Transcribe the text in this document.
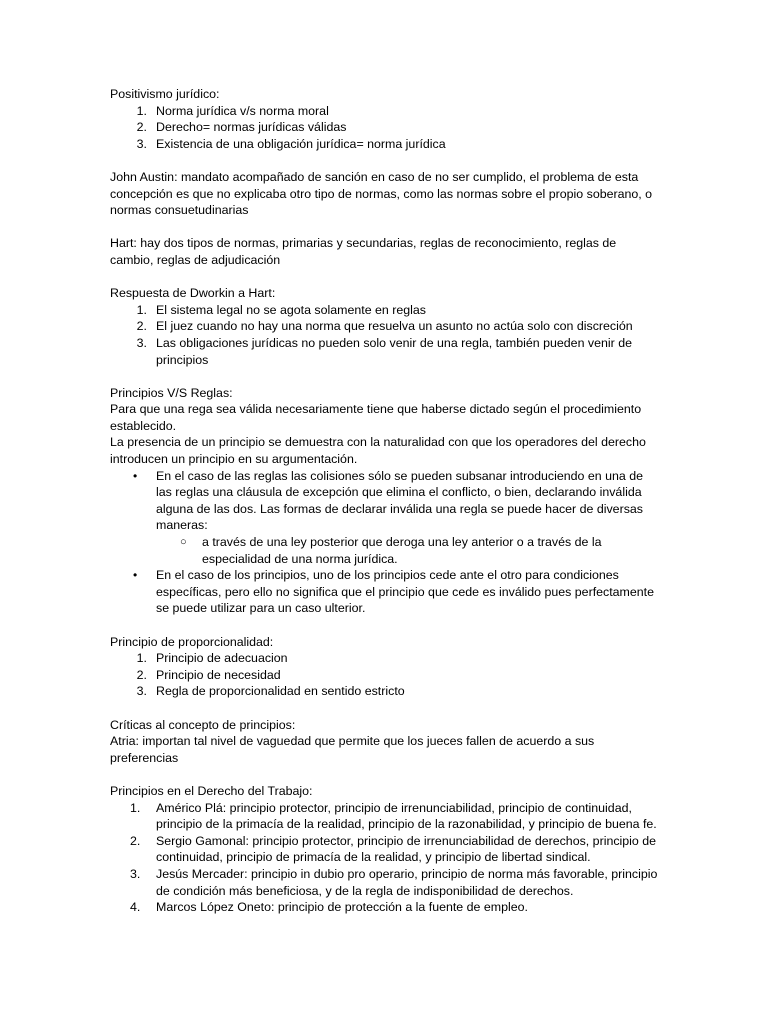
Positivismo jurídico:

1. Norma jurídica v/s norma moral
2. Derecho= normas jurídicas válidas
3. Existencia de una obligación jurídica= norma jurídica

John Austin: mandato acompañado de sanción en caso de no ser cumplido, el problema de esta concepción es que no explicaba otro tipo de normas, como las normas sobre el propio soberano, o normas consuetudinarias

Hart: hay dos tipos de normas, primarias y secundarias, reglas de reconocimiento, reglas de cambio, reglas de adjudicación

Respuesta de Dworkin a Hart:

1. El sistema legal no se agota solamente en reglas
2. El juez cuando no hay una norma que resuelva un asunto no actúa solo con discreción
3. Las obligaciones jurídicas no pueden solo venir de una regla, también pueden venir de principios

Principios V/S Reglas:

Para que una rega sea válida necesariamente tiene que haberse dictado según el procedimiento establecido.

La presencia de un principio se demuestra con la naturalidad con que los operadores del derecho introducen un principio en su argumentación.

• En el caso de las reglas las colisiones sólo se pueden subsanar introduciendo en una de las reglas una cláusula de excepción que elimina el conflicto, o bien, declarando inválida alguna de las dos. Las formas de declarar inválida una regla se puede hacer de diversas maneras:
○ a través de una ley posterior que deroga una ley anterior o a través de la especialidad de una norma jurídica.
• En el caso de los principios, uno de los principios cede ante el otro para condiciones específicas, pero ello no significa que el principio que cede es inválido pues perfectamente se puede utilizar para un caso ulterior.

Principio de proporcionalidad:

1. Principio de adecuacion
2. Principio de necesidad
3. Regla de proporcionalidad en sentido estricto

Críticas al concepto de principios:

Atria: importan tal nivel de vaguedad que permite que los jueces fallen de acuerdo a sus preferencias

Principios en el Derecho del Trabajo:

1. Américo Plá: principio protector, principio de irrenunciabilidad, principio de continuidad, principio de la primacía de la realidad, principio de la razonabilidad, y principio de buena fe.
2. Sergio Gamonal: principio protector, principio de irrenunciabilidad de derechos, principio de continuidad, principio de primacía de la realidad, y principio de libertad sindical.
3. Jesús Mercader: principio in dubio pro operario, principio de norma más favorable, principio de condición más beneficiosa, y de la regla de indisponibilidad de derechos.
4. Marcos López Oneto: principio de protección a la fuente de empleo.
